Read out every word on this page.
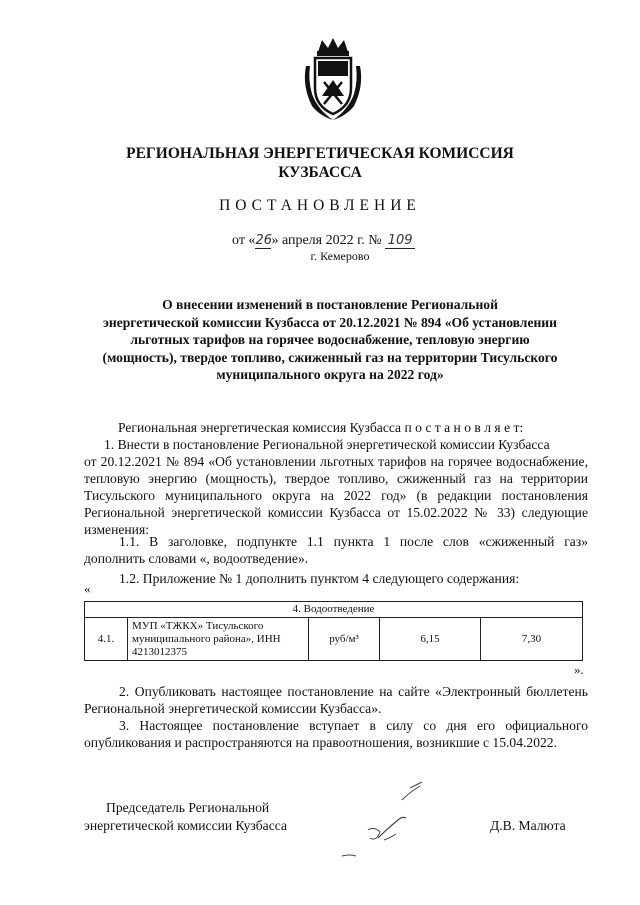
РЕГИОНАЛЬНАЯ ЭНЕРГЕТИЧЕСКАЯ КОМИССИЯ
КУЗБАССА
ПОСТАНОВЛЕНИЕ
от «26» апреля 2022 г. № 109
г. Кемерово
О внесении изменений в постановление Региональной
энергетической комиссии Кузбасса от 20.12.2021 № 894 «Об установлении
льготных тарифов на горячее водоснабжение, тепловую энергию
(мощность), твердое топливо, сжиженный газ на территории Тисульского
муниципального округа на 2022 год»
Региональная энергетическая комиссия Кузбасса п о с т а н о в л я е т:
1. Внести в постановление Региональной энергетической комиссии Кузбасса
от 20.12.2021 № 894 «Об установлении льготных тарифов на горячее водоснабжение, тепловую энергию (мощность), твердое топливо, сжиженный газ на территории Тисульского муниципального округа на 2022 год» (в редакции постановления Региональной энергетической комиссии Кузбасса от 15.02.2022 № 33) следующие изменения:
1.1. В заголовке, подпункте 1.1 пункта 1 после слов «сжиженный газ» дополнить словами «, водоотведение».
1.2. Приложение № 1 дополнить пунктом 4 следующего содержания:
«
4. Водоотведение
4.1.	МУП «ТЖКХ» Тисульского муниципального района», ИНН 4213012375	руб/м³	6,15	7,30
».
2. Опубликовать настоящее постановление на сайте «Электронный бюллетень Региональной энергетической комиссии Кузбасса».
3. Настоящее постановление вступает в силу со дня его официального опубликования и распространяются на правоотношения, возникшие с 15.04.2022.
Председатель Региональной
энергетической комиссии Кузбасса	Д.В. Малюта
